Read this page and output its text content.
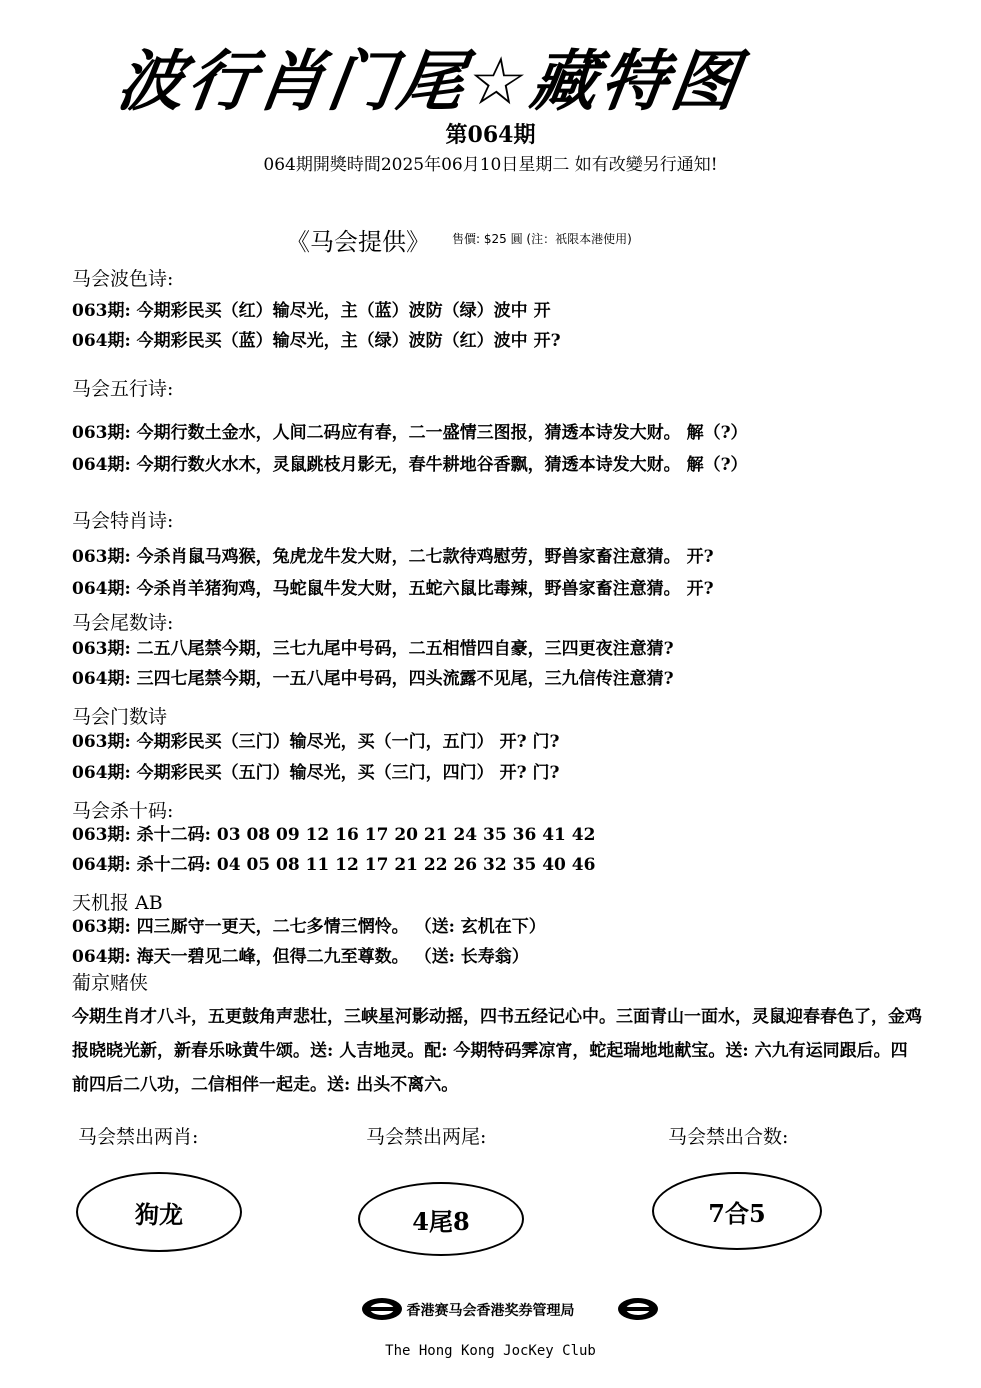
波行肖门尾☆藏特图
第064期
064期開獎時間2025年06月10日星期二 如有改變另行通知!
《马会提供》 售價: $25 圓 (注：祇限本港使用)
马会波色诗:
063期: 今期彩民买（红）输尽光，主（蓝）波防（绿）波中 开
064期: 今期彩民买（蓝）输尽光，主（绿）波防（红）波中 开?
马会五行诗:
063期: 今期行数土金水，人间二码应有春，二一盛情三图报，猜透本诗发大财。 解（?）
064期: 今期行数火水木，灵鼠跳枝月影无，春牛耕地谷香飘，猜透本诗发大财。 解（?）
马会特肖诗:
063期: 今杀肖鼠马鸡猴，兔虎龙牛发大财，二七款待鸡慰劳，野兽家畜注意猜。 开?
064期: 今杀肖羊猪狗鸡，马蛇鼠牛发大财，五蛇六鼠比毒辣，野兽家畜注意猜。 开?
马会尾数诗:
063期: 二五八尾禁今期，三七九尾中号码，二五相惜四自豪，三四更夜注意猜?
064期: 三四七尾禁今期，一五八尾中号码，四头流露不见尾，三九信传注意猜?
马会门数诗
063期: 今期彩民买（三门）输尽光，买（一门，五门） 开? 门?
064期: 今期彩民买（五门）输尽光，买（三门，四门） 开? 门?
马会杀十码:
063期: 杀十二码: 03 08 09 12 16 17 20 21 24 35 36 41 42
064期: 杀十二码: 04 05 08 11 12 17 21 22 26 32 35 40 46
天机报 AB
063期: 四三厮守一更天，二七多情三惘怜。 （送: 玄机在下）
064期: 海天一碧见二峰，但得二九至尊数。 （送: 长寿翁）
葡京赌侠
今期生肖才八斗，五更鼓角声悲壮，三峡星河影动摇，四书五经记心中。三面青山一面水，灵鼠迎春春色了，金鸡报晓晓光新，新春乐咏黄牛颂。送: 人吉地灵。配: 今期特码霁凉宵，蛇起瑞地地献宝。送: 六九有运同跟后。四前四后二八功，二信相伴一起走。送: 出头不离六。
马会禁出两肖:	马会禁出两尾:	马会禁出合数:
狗龙	4尾8	7合5
香港赛马会香港奖券管理局
The Hong Kong JocKey Club
